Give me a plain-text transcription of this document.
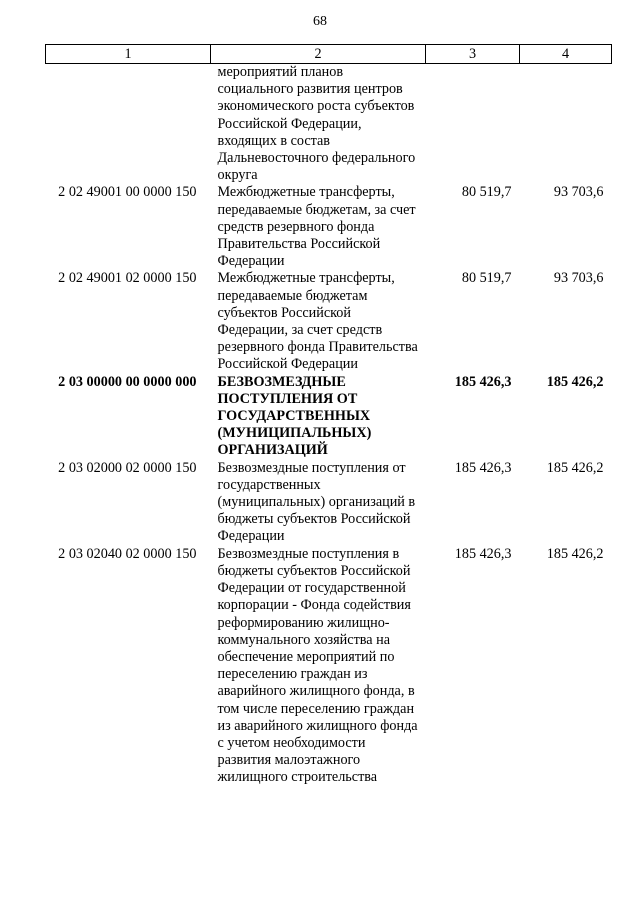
68
1	2	3	4
	мероприятий планов социального развития центров экономического роста субъектов Российской Федерации, входящих в состав Дальневосточного федерального округа		
2 02 49001 00 0000 150	Межбюджетные трансферты, передаваемые бюджетам, за счет средств резервного фонда Правительства Российской Федерации	80 519,7	93 703,6
2 02 49001 02 0000 150	Межбюджетные трансферты, передаваемые бюджетам субъектов Российской Федерации, за счет средств резервного фонда Правительства Российской Федерации	80 519,7	93 703,6
2 03 00000 00 0000 000	БЕЗВОЗМЕЗДНЫЕ ПОСТУПЛЕНИЯ ОТ ГОСУДАРСТВЕННЫХ (МУНИЦИПАЛЬНЫХ) ОРГАНИЗАЦИЙ	185 426,3	185 426,2
2 03 02000 02 0000 150	Безвозмездные поступления от государственных (муниципальных) организаций в бюджеты субъектов Российской Федерации	185 426,3	185 426,2
2 03 02040 02 0000 150	Безвозмездные поступления в бюджеты субъектов Российской Федерации от государственной корпорации - Фонда содействия реформированию жилищно-коммунального хозяйства на обеспечение мероприятий по переселению граждан из аварийного жилищного фонда, в том числе переселению граждан из аварийного жилищного фонда с учетом необходимости развития малоэтажного жилищного строительства	185 426,3	185 426,2
